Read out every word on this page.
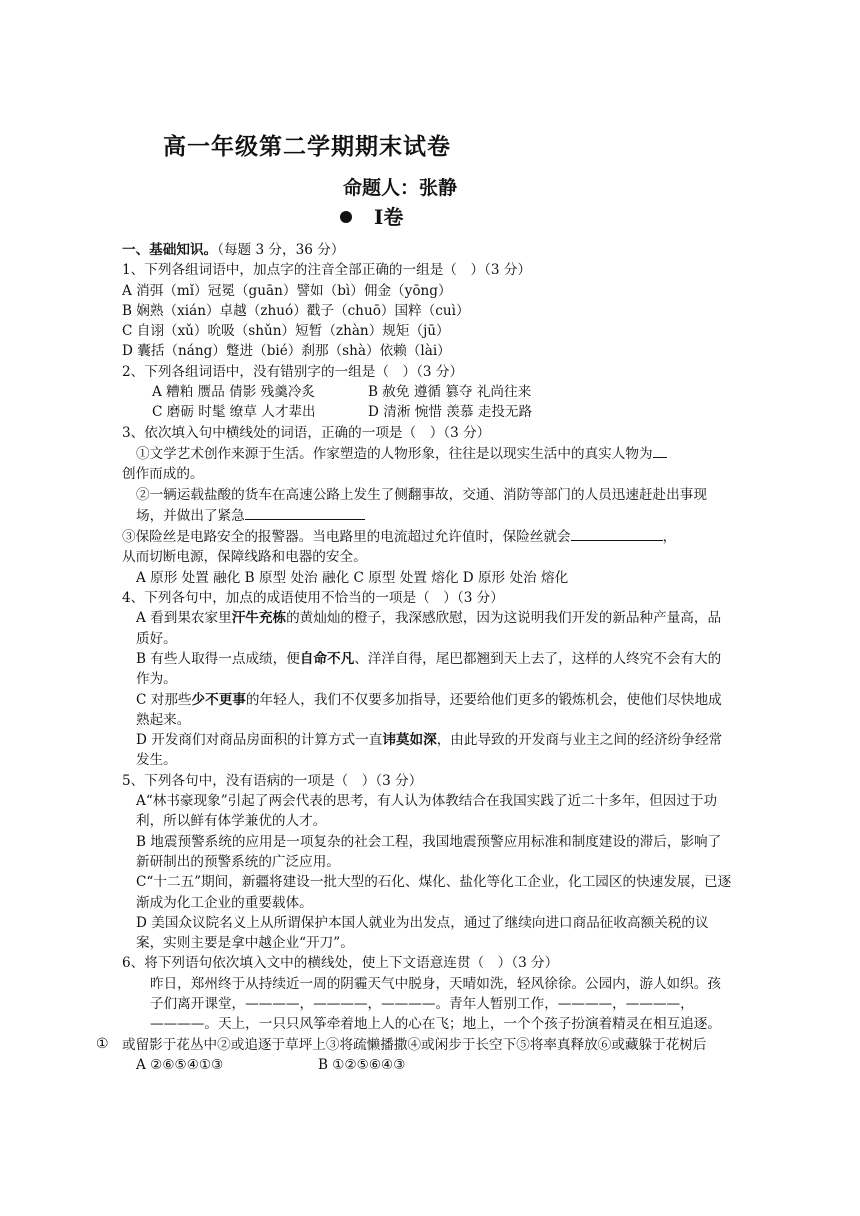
高一年级第二学期期末试卷
命题人：张静
Ⅰ卷
一、基础知识。（每题 3 分，36 分）
1、下列各组词语中，加点字的注音全部正确的一组是（　）（3 分）
A 消弭（mǐ）冠冕（guān）譬如（bì）佣金（yōng）
B 娴熟（xián）卓越（zhuó）戳子（chuō）国粹（cuì）
C 自诩（xǔ）吮吸（shǔn）短暂（zhàn）规矩（jū）
D 囊括（náng）蹩进（bié）刹那（shà）依赖（lài）
2、下列各组词语中，没有错别字的一组是（　）（3 分）
A 糟粕 赝品 倩影 残羹冷炙	B 赦免 遵循 篡夺 礼尚往来
C 磨砺 时髦 缭草 人才辈出	D 清淅 惋惜 羡慕 走投无路
3、依次填入句中横线处的词语，正确的一项是（　）（3 分）
①文学艺术创作来源于生活。作家塑造的人物形象，往往是以现实生活中的真实人物为
创作而成的。
②一辆运载盐酸的货车在高速公路上发生了侧翻事故，交通、消防等部门的人员迅速赶赴出事现场，并做出了紧急
③保险丝是电路安全的报警器。当电路里的电流超过允许值时，保险丝就会	，
从而切断电源，保障线路和电器的安全。
A 原形 处置 融化 B 原型 处治 融化 C 原型 处置 熔化 D 原形 处治 熔化
4、下列各句中，加点的成语使用不恰当的一项是（　）（3 分）
A 看到果农家里汗牛充栋的黄灿灿的橙子，我深感欣慰，因为这说明我们开发的新品种产量高，品质好。
B 有些人取得一点成绩，便自命不凡、洋洋自得，尾巴都翘到天上去了，这样的人终究不会有大的作为。
C 对那些少不更事的年轻人，我们不仅要多加指导，还要给他们更多的锻炼机会，使他们尽快地成熟起来。
D 开发商们对商品房面积的计算方式一直讳莫如深，由此导致的开发商与业主之间的经济纷争经常发生。
5、下列各句中，没有语病的一项是（　）（3 分）
A“林书豪现象”引起了两会代表的思考，有人认为体教结合在我国实践了近二十多年，但因过于功利，所以鲜有体学兼优的人才。
B 地震预警系统的应用是一项复杂的社会工程，我国地震预警应用标准和制度建设的滞后，影响了新研制出的预警系统的广泛应用。
C“十二五”期间，新疆将建设一批大型的石化、煤化、盐化等化工企业，化工园区的快速发展，已逐渐成为化工企业的重要载体。
D 美国众议院名义上从所谓保护本国人就业为出发点，通过了继续向进口商品征收高额关税的议案，实则主要是拿中越企业“开刀”。
6、将下列语句依次填入文中的横线处，使上下文语意连贯（　）（3 分）
昨日，郑州终于从持续近一周的阴霾天气中脱身，天晴如洗，轻风徐徐。公园内，游人如织。孩子们离开课堂，————，————，————。青年人暂别工作，————，————，————。天上，一只只风筝牵着地上人的心在飞；地上，一个个孩子扮演着精灵在相互追逐。
或留影于花丛中②或追逐于草坪上③将疏懒播撒④或闲步于长空下⑤将率真释放⑥或藏躲于花树后
A ②⑥⑤④①③	B ①②⑤⑥④③
①
